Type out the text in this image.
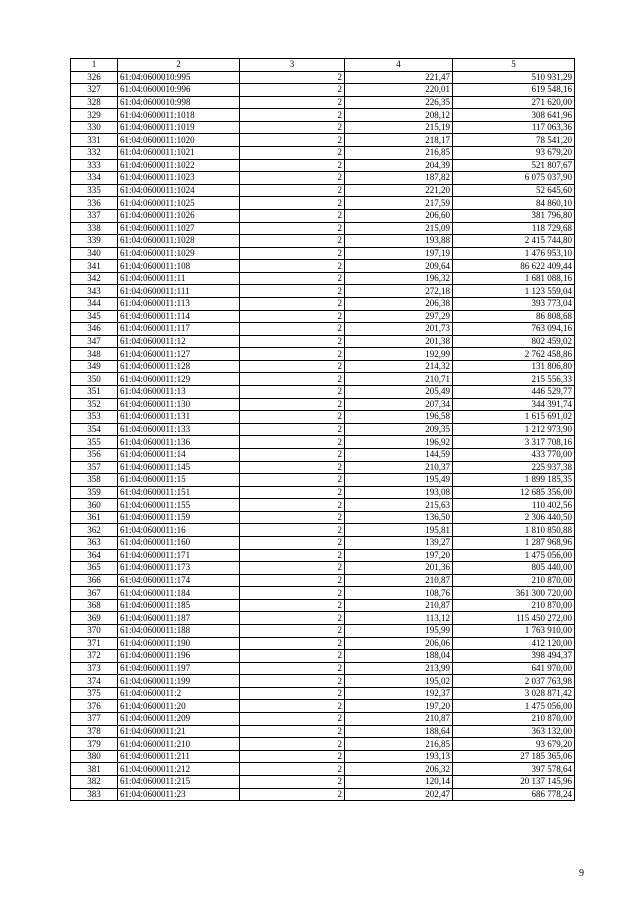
1	2	3	4	5
326	61:04:0600010:995	2	221,47	510 931,29
327	61:04:0600010:996	2	220,01	619 548,16
328	61:04:0600010:998	2	226,35	271 620,00
329	61:04:0600011:1018	2	208,12	308 641,96
330	61:04:0600011:1019	2	215,19	117 063,36
331	61:04:0600011:1020	2	218,17	78 541,20
332	61:04:0600011:1021	2	216,85	93 679,20
333	61:04:0600011:1022	2	204,39	521 807,67
334	61:04:0600011:1023	2	187,82	6 075 037,90
335	61:04:0600011:1024	2	221,20	52 645,60
336	61:04:0600011:1025	2	217,59	84 860,10
337	61:04:0600011:1026	2	206,60	381 796,80
338	61:04:0600011:1027	2	215,09	118 729,68
339	61:04:0600011:1028	2	193,88	2 415 744,80
340	61:04:0600011:1029	2	197,19	1 476 953,10
341	61:04:0600011:108	2	209,64	86 622 409,44
342	61:04:0600011:11	2	196,32	1 681 088,16
343	61:04:0600011:111	2	272,18	1 123 559,04
344	61:04:0600011:113	2	206,38	393 773,04
345	61:04:0600011:114	2	297,29	86 808,68
346	61:04:0600011:117	2	201,73	763 094,16
347	61:04:0600011:12	2	201,38	802 459,02
348	61:04:0600011:127	2	192,99	2 762 458,86
349	61:04:0600011:128	2	214,32	131 806,80
350	61:04:0600011:129	2	210,71	215 556,33
351	61:04:0600011:13	2	205,49	446 529,77
352	61:04:0600011:130	2	207,34	344 391,74
353	61:04:0600011:131	2	196,58	1 615 691,02
354	61:04:0600011:133	2	209,35	1 212 973,90
355	61:04:0600011:136	2	196,92	3 317 708,16
356	61:04:0600011:14	2	144,59	433 770,00
357	61:04:0600011:145	2	210,37	225 937,38
358	61:04:0600011:15	2	195,49	1 899 185,35
359	61:04:0600011:151	2	193,08	12 685 356,00
360	61:04:0600011:155	2	215,63	110 402,56
361	61:04:0600011:159	2	136,50	2 306 440,50
362	61:04:0600011:16	2	195,81	1 810 850,88
363	61:04:0600011:160	2	139,27	1 287 968,96
364	61:04:0600011:171	2	197,20	1 475 056,00
365	61:04:0600011:173	2	201,36	805 440,00
366	61:04:0600011:174	2	210,87	210 870,00
367	61:04:0600011:184	2	108,76	361 300 720,00
368	61:04:0600011:185	2	210,87	210 870,00
369	61:04:0600011:187	2	113,12	115 450 272,00
370	61:04:0600011:188	2	195,99	1 763 910,00
371	61:04:0600011:190	2	206,06	412 120,00
372	61:04:0600011:196	2	188,04	398 494,37
373	61:04:0600011:197	2	213,99	641 970,00
374	61:04:0600011:199	2	195,02	2 037 763,98
375	61:04:0600011:2	2	192,37	3 028 871,42
376	61:04:0600011:20	2	197,20	1 475 056,00
377	61:04:0600011:209	2	210,87	210 870,00
378	61:04:0600011:21	2	188,64	363 132,00
379	61:04:0600011:210	2	216,85	93 679,20
380	61:04:0600011:211	2	193,13	27 185 365,06
381	61:04:0600011:212	2	206,32	397 578,64
382	61:04:0600011:215	2	120,14	20 137 145,96
383	61:04:0600011:23	2	202,47	686 778,24
9
